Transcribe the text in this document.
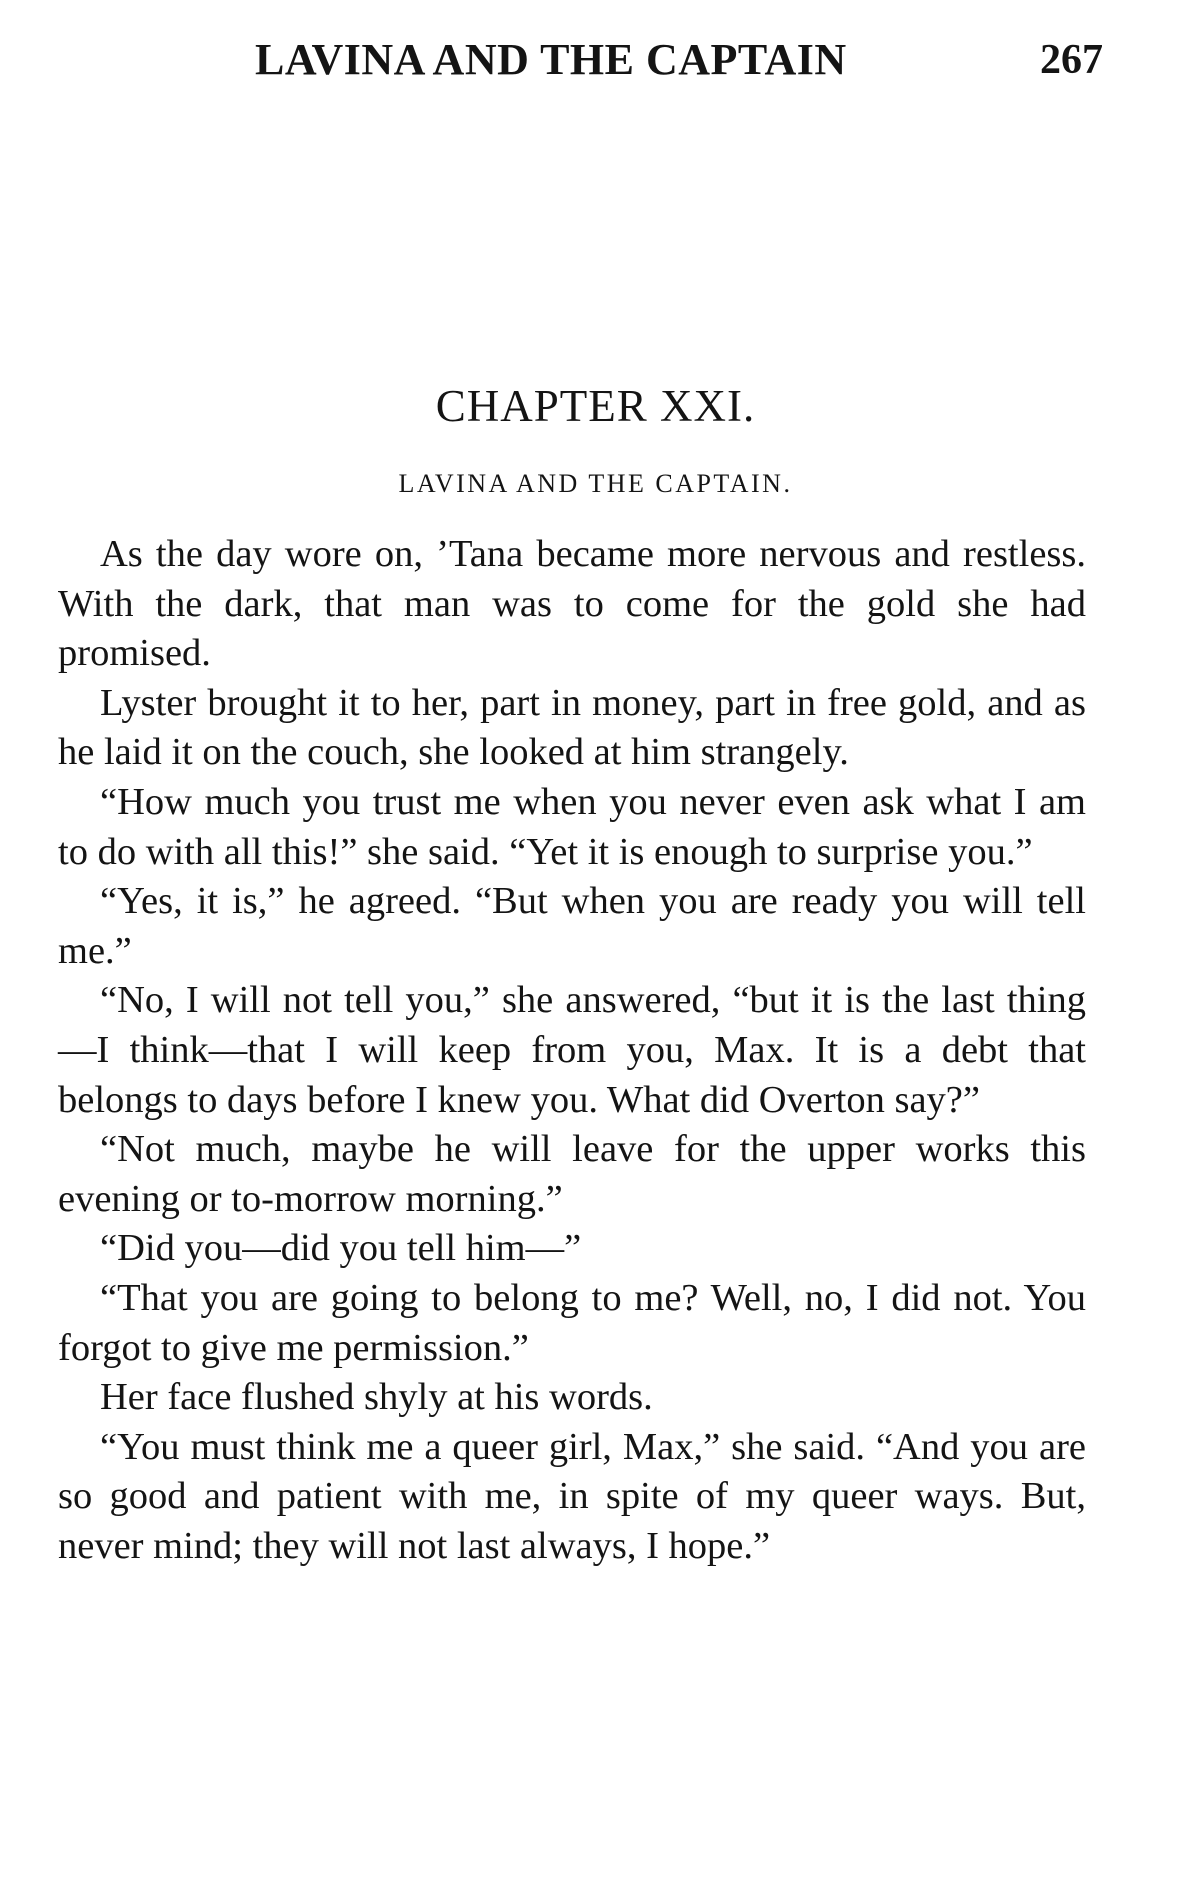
LAVINA AND THE CAPTAIN	267
CHAPTER XXI.
LAVINA AND THE CAPTAIN.

As the day wore on, ’Tana became more nervous and restless. With the dark, that man was to come for the gold she had promised.

Lyster brought it to her, part in money, part in free gold, and as he laid it on the couch, she looked at him strangely.

“How much you trust me when you never even ask what I am to do with all this!” she said. “Yet it is enough to surprise you.”

“Yes, it is,” he agreed. “But when you are ready you will tell me.”

“No, I will not tell you,” she answered, “but it is the last thing—I think—that I will keep from you, Max. It is a debt that belongs to days before I knew you. What did Overton say?”

“Not much, maybe he will leave for the upper works this evening or to-morrow morning.”

“Did you—did you tell him—”

“That you are going to belong to me? Well, no, I did not. You forgot to give me permission.”

Her face flushed shyly at his words.

“You must think me a queer girl, Max,” she said. “And you are so good and patient with me, in spite of my queer ways. But, never mind; they will not last always, I hope.”
